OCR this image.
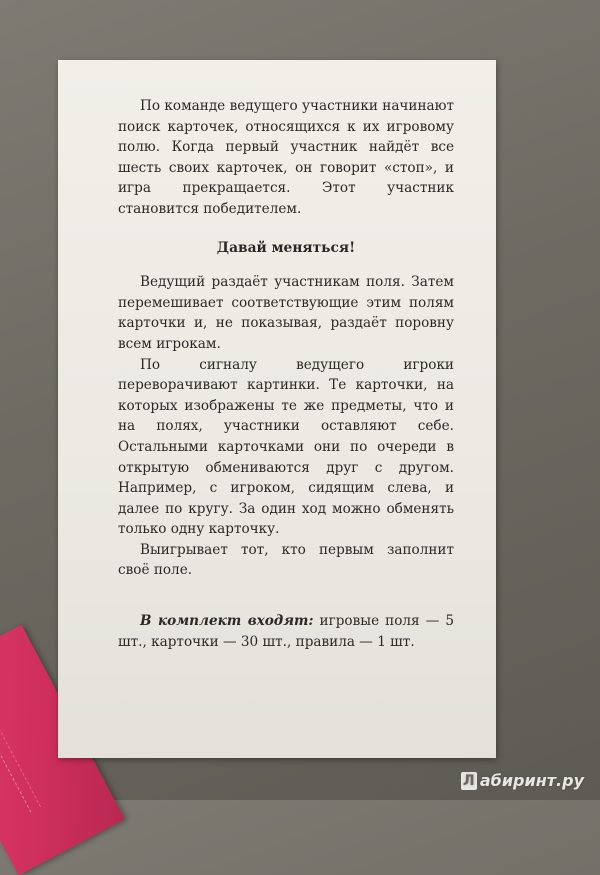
По команде ведущего участники начинают поиск карточек, относящихся к их игровому полю. Когда первый участник найдёт все шесть своих карточек, он говорит «стоп», и игра прекращается. Этот участник становится победителем.

Давай меняться!

Ведущий раздаёт участникам поля. Затем перемешивает соответствующие этим полям карточки и, не показывая, раздаёт поровну всем игрокам.

По сигналу ведущего игроки переворачивают картинки. Те карточки, на которых изображены те же предметы, что и на полях, участники оставляют себе. Остальными карточками они по очереди в открытую обмениваются друг с другом. Например, с игроком, сидящим слева, и далее по кругу. За один ход можно обменять только одну карточку.

Выигрывает тот, кто первым заполнит своё поле.

В комплект входят: игровые поля — 5 шт., карточки — 30 шт., правила — 1 шт.

Л абиринт.ру
